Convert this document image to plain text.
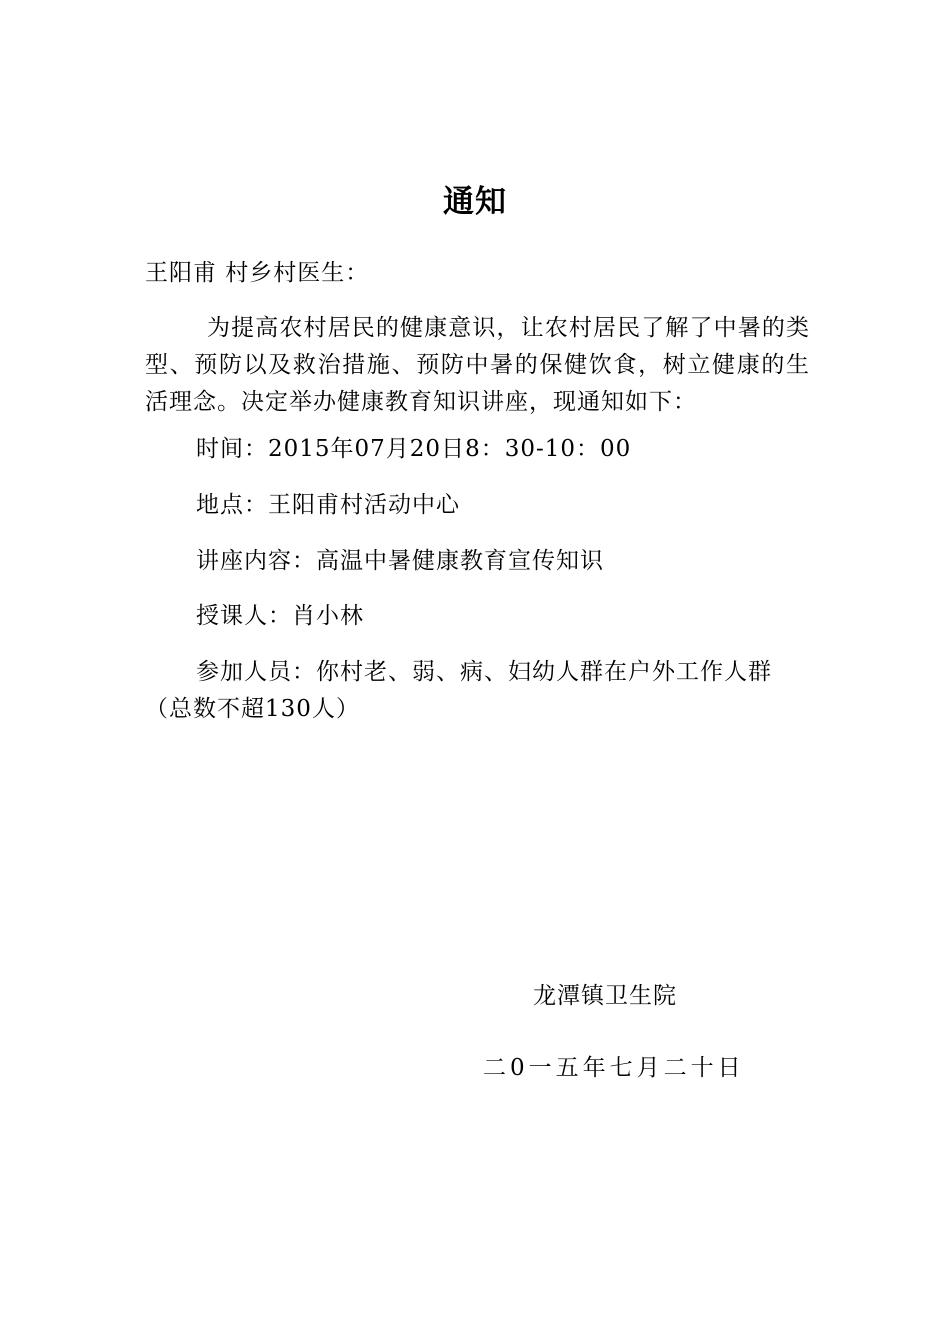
通知
王阳甫 村乡村医生：
为提高农村居民的健康意识，让农村居民了解了中暑的类型、预防以及救治措施、预防中暑的保健饮食，树立健康的生活理念。决定举办健康教育知识讲座，现通知如下：
时间：2015年07月20日8：30-10：00
地点：王阳甫村活动中心
讲座内容：高温中暑健康教育宣传知识
授课人：肖小林
参加人员：你村老、弱、病、妇幼人群在户外工作人群（总数不超130人）
龙潭镇卫生院
二0一五年七月二十日
